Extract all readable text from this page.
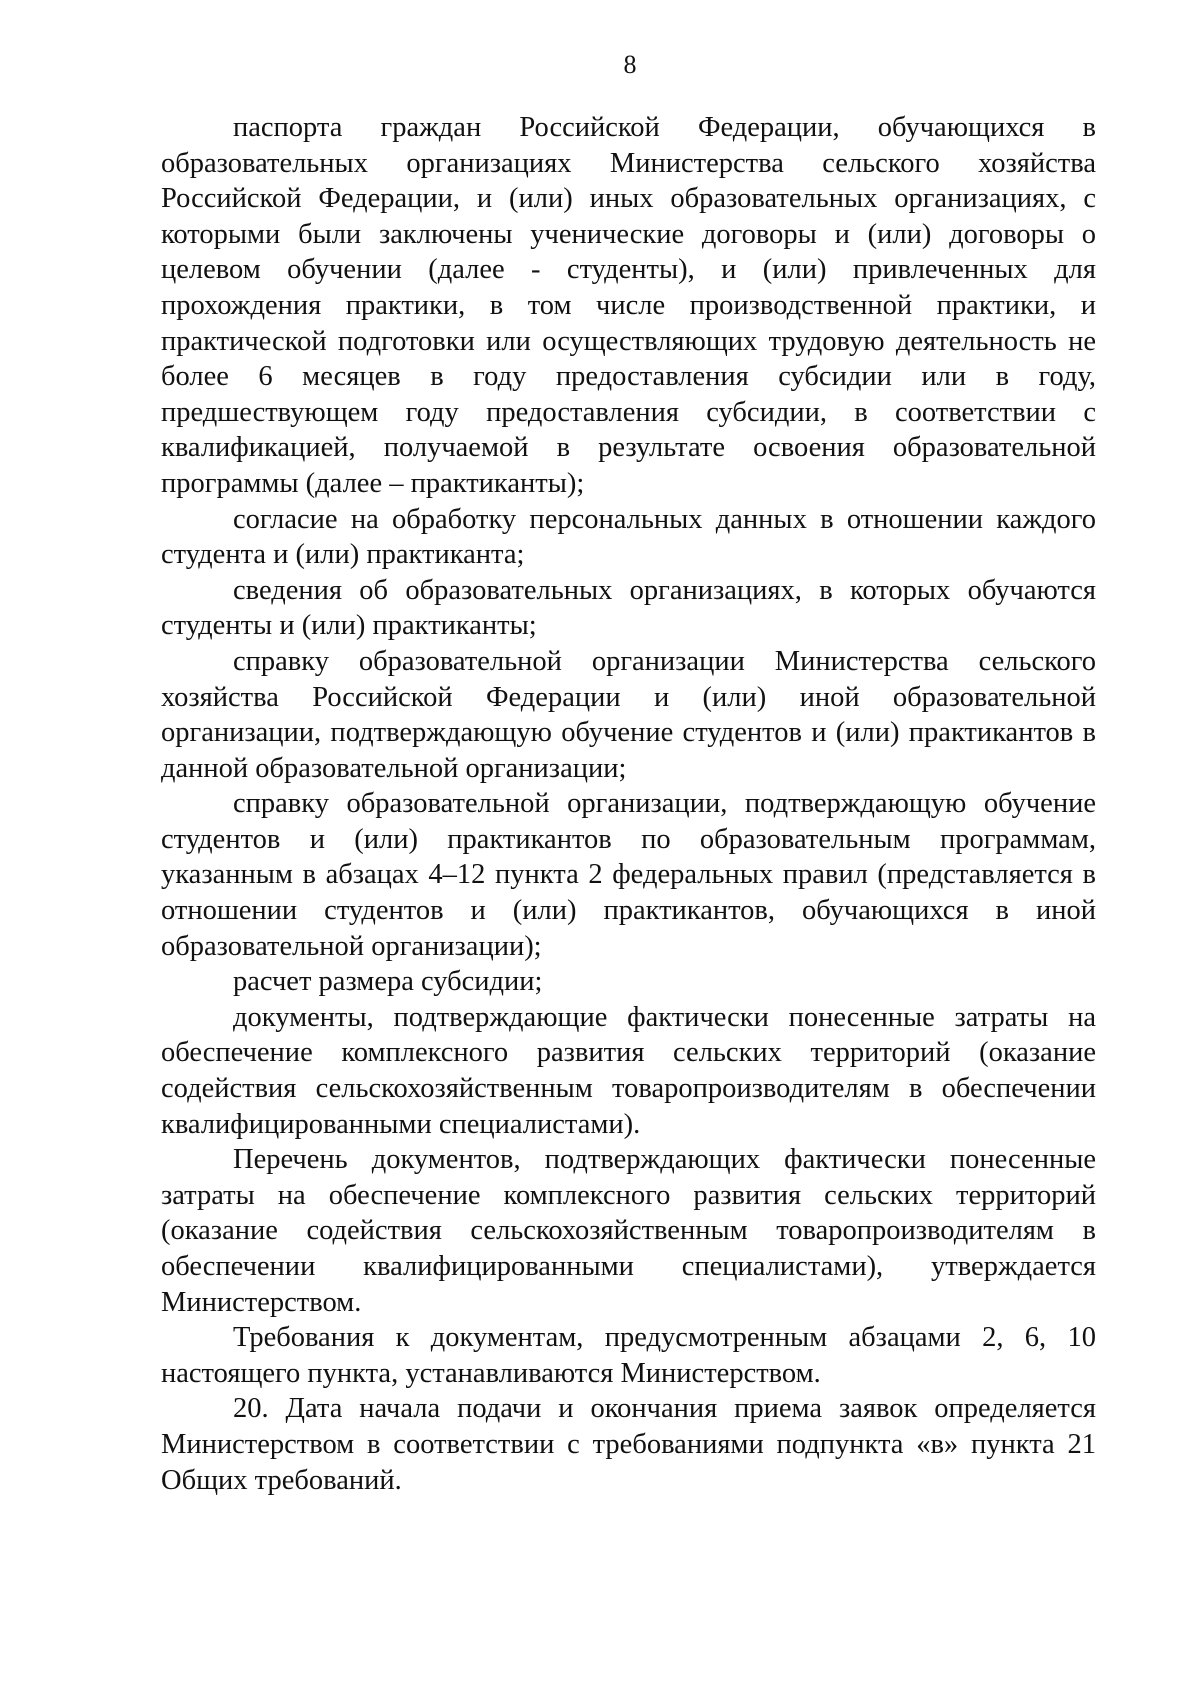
8

паспорта граждан Российской Федерации, обучающихся в образовательных организациях Министерства сельского хозяйства Российской Федерации, и (или) иных образовательных организациях, с которыми были заключены ученические договоры и (или) договоры о целевом обучении (далее - студенты), и (или) привлеченных для прохождения практики, в том числе производственной практики, и практической подготовки или осуществляющих трудовую деятельность не более 6 месяцев в году предоставления субсидии или в году, предшествующем году предоставления субсидии, в соответствии с квалификацией, получаемой в результате освоения образовательной программы (далее – практиканты);

согласие на обработку персональных данных в отношении каждого студента и (или) практиканта;

сведения об образовательных организациях, в которых обучаются студенты и (или) практиканты;

справку образовательной организации Министерства сельского хозяйства Российской Федерации и (или) иной образовательной организации, подтверждающую обучение студентов и (или) практикантов в данной образовательной организации;

справку образовательной организации, подтверждающую обучение студентов и (или) практикантов по образовательным программам, указанным в абзацах 4–12 пункта 2 федеральных правил (представляется в отношении студентов и (или) практикантов, обучающихся в иной образовательной организации);

расчет размера субсидии;

документы, подтверждающие фактически понесенные затраты на обеспечение комплексного развития сельских территорий (оказание содействия сельскохозяйственным товаропроизводителям в обеспечении квалифицированными специалистами).

Перечень документов, подтверждающих фактически понесенные затраты на обеспечение комплексного развития сельских территорий (оказание содействия сельскохозяйственным товаропроизводителям в обеспечении квалифицированными специалистами), утверждается Министерством.

Требования к документам, предусмотренным абзацами 2, 6, 10 настоящего пункта, устанавливаются Министерством.

20. Дата начала подачи и окончания приема заявок определяется Министерством в соответствии с требованиями подпункта «в» пункта 21 Общих требований.
